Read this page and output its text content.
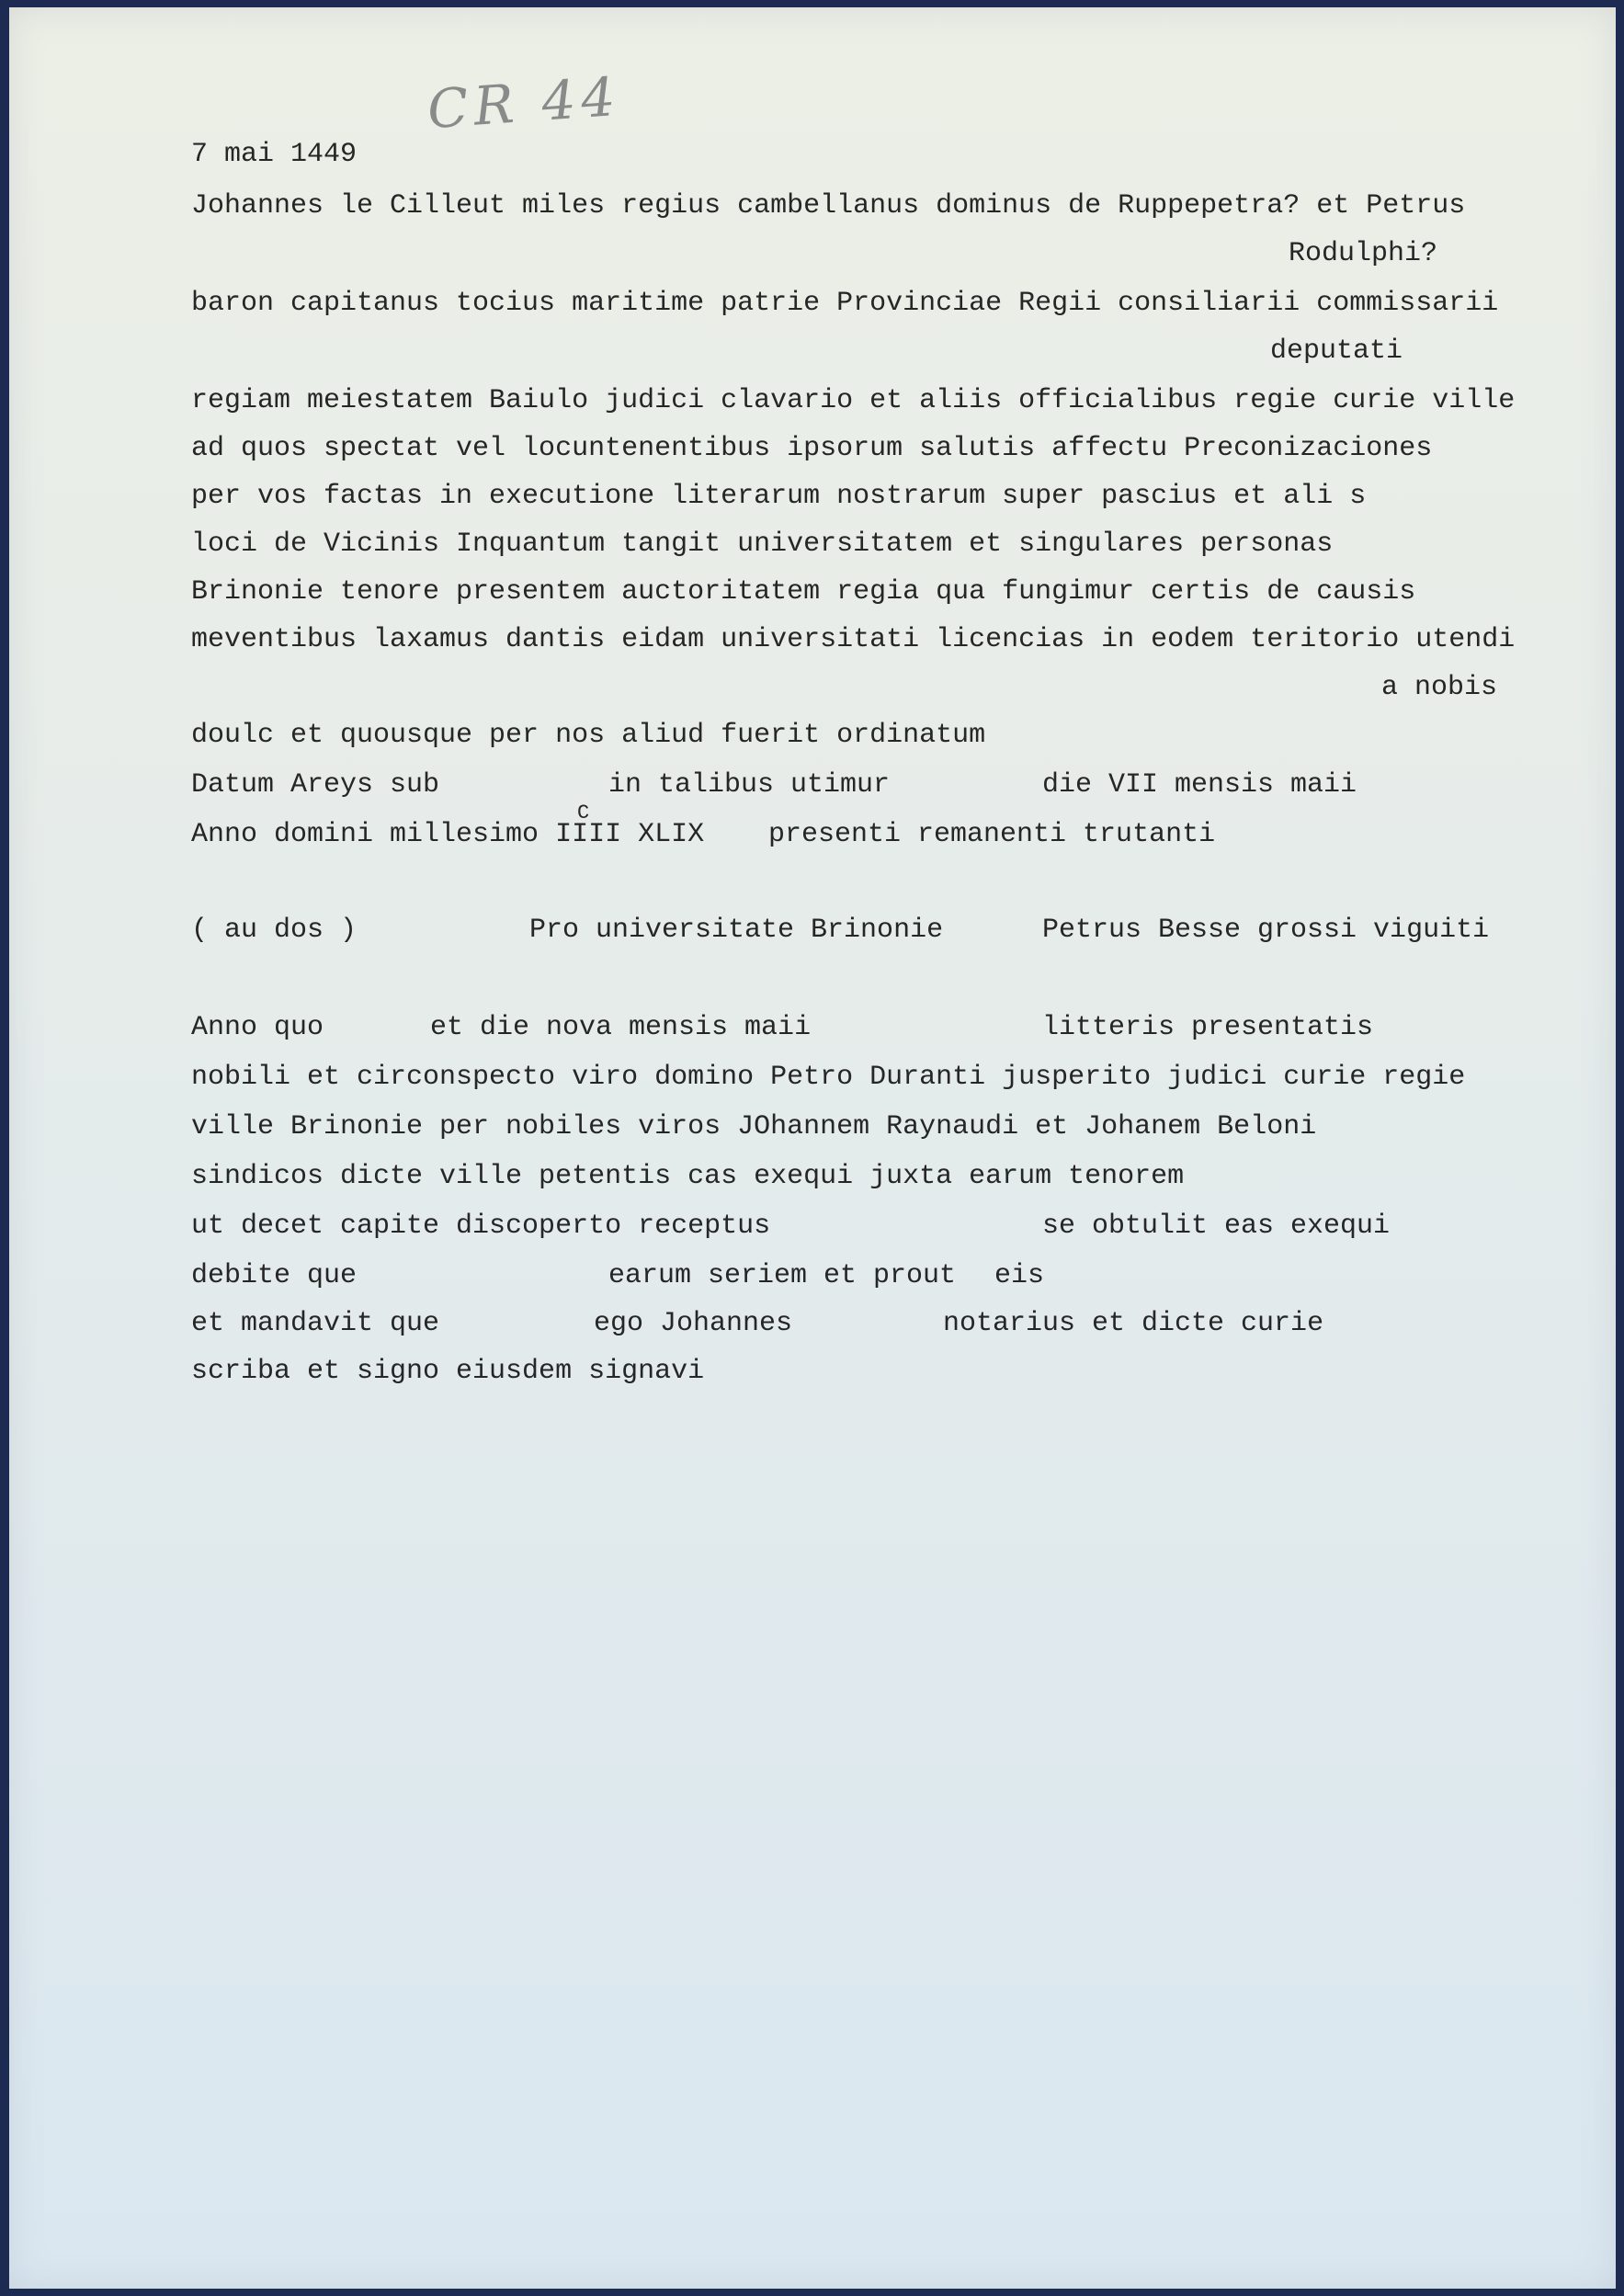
CR 44

7 mai 1449

Johannes le Cilleut miles regius cambellanus dominus de Ruppepetra? et Petrus

Rodulphi?

baron capitanus tocius maritime patrie Provinciae Regii consiliarii commissarii

deputati

regiam meiestatem Baiulo judici clavario et aliis officialibus regie curie ville

ad quos spectat vel locuntenentibus ipsorum salutis affectu Preconizaciones

per vos factas in executione literarum nostrarum super pascius et ali s

loci de Vicinis Inquantum tangit universitatem et singulares personas

Brinonie tenore presentem auctoritatem regia qua fungimur certis de causis

meventibus laxamus dantis eidam universitati licencias in eodem teritorio utendi

a nobis

doulc et quousque per nos aliud fuerit ordinatum

Datum Areys sub	in talibus utimur	die VII mensis maii

C

Anno domini millesimo IIII XLIX presenti remanenti trutanti

( au dos )	Pro universitate Brinonie	Petrus Besse grossi viguiti

Anno quo	et die nova mensis maii	litteris presentatis

nobili et circonspecto viro domino Petro Duranti jusperito judici curie regie

ville Brinonie per nobiles viros JOhannem Raynaudi et Johanem Beloni

sindicos dicte ville petentis cas exequi juxta earum tenorem

ut decet capite discoperto receptus	se obtulit eas exequi

debite que	earum seriem et prout eis

et mandavit que	ego Johannes	notarius et dicte curie

scriba et signo eiusdem signavi
